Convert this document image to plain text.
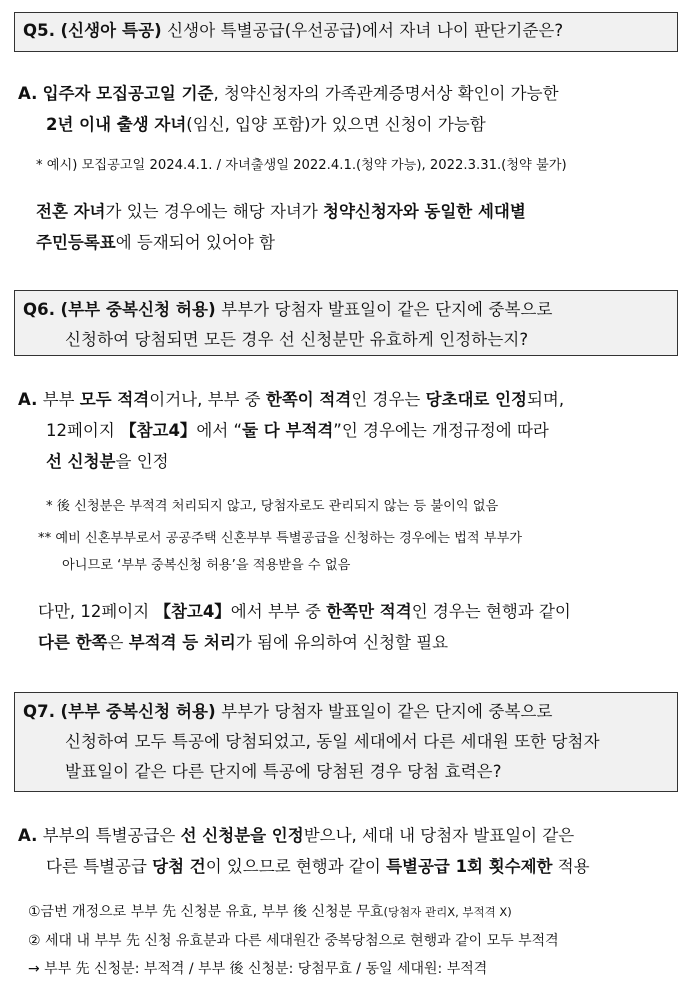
Q5. (신생아 특공) 신생아 특별공급(우선공급)에서 자녀 나이 판단기준은?
A. 입주자 모집공고일 기준, 청약신청자의 가족관계증명서상 확인이 가능한
2년 이내 출생 자녀(임신, 입양 포함)가 있으면 신청이 가능함
* 예시) 모집공고일 2024.4.1. / 자녀출생일 2022.4.1.(청약 가능), 2022.3.31.(청약 불가)
전혼 자녀가 있는 경우에는 해당 자녀가 청약신청자와 동일한 세대별
주민등록표에 등재되어 있어야 함
Q6. (부부 중복신청 허용) 부부가 당첨자 발표일이 같은 단지에 중복으로
신청하여 당첨되면 모든 경우 선 신청분만 유효하게 인정하는지?
A. 부부 모두 적격이거나, 부부 중 한쪽이 적격인 경우는 당초대로 인정되며,
12페이지 【참고4】에서 “둘 다 부적격”인 경우에는 개정규정에 따라
선 신청분을 인정
* 後 신청분은 부적격 처리되지 않고, 당첨자로도 관리되지 않는 등 불이익 없음
** 예비 신혼부부로서 공공주택 신혼부부 특별공급을 신청하는 경우에는 법적 부부가
아니므로 ‘부부 중복신청 허용’을 적용받을 수 없음
다만, 12페이지 【참고4】에서 부부 중 한쪽만 적격인 경우는 현행과 같이
다른 한쪽은 부적격 등 처리가 됨에 유의하여 신청할 필요
Q7. (부부 중복신청 허용) 부부가 당첨자 발표일이 같은 단지에 중복으로
신청하여 모두 특공에 당첨되었고, 동일 세대에서 다른 세대원 또한 당첨자
발표일이 같은 다른 단지에 특공에 당첨된 경우 당첨 효력은?
A. 부부의 특별공급은 선 신청분을 인정받으나, 세대 내 당첨자 발표일이 같은
다른 특별공급 당첨 건이 있으므로 현행과 같이 특별공급 1회 횟수제한 적용
①금번 개정으로 부부 先 신청분 유효, 부부 後 신청분 무효(당첨자 관리X, 부적격 X)
② 세대 내 부부 先 신청 유효분과 다른 세대원간 중복당첨으로 현행과 같이 모두 부적격
→ 부부 先 신청분: 부적격 / 부부 後 신청분: 당첨무효 / 동일 세대원: 부적격
